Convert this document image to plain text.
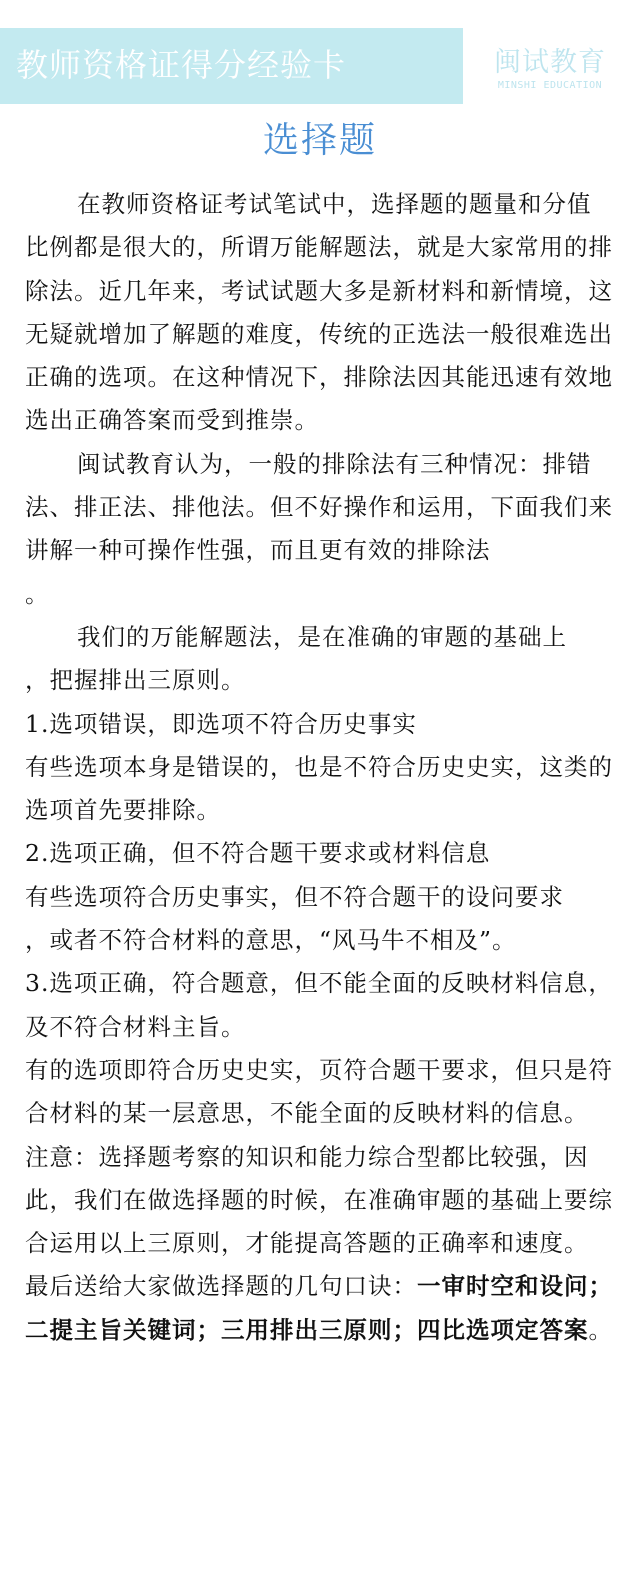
教师资格证得分经验卡	闽试教育
MINSHI EDUCATION
选择题

在教师资格证考试笔试中，选择题的题量和分值比例都是很大的，所谓万能解题法，就是大家常用的排除法。近几年来，考试试题大多是新材料和新情境，这无疑就增加了解题的难度，传统的正选法一般很难选出正确的选项。在这种情况下，排除法因其能迅速有效地选出正确答案而受到推崇。

闽试教育认为，一般的排除法有三种情况：排错法、排正法、排他法。但不好操作和运用，下面我们来讲解一种可操作性强，而且更有效的排除法

。

我们的万能解题法，是在准确的审题的基础上

，把握排出三原则。

1.选项错误，即选项不符合历史事实

有些选项本身是错误的，也是不符合历史史实，这类的选项首先要排除。

2.选项正确，但不符合题干要求或材料信息

有些选项符合历史事实，但不符合题干的设问要求

，或者不符合材料的意思，“风马牛不相及”。

3.选项正确，符合题意，但不能全面的反映材料信息，及不符合材料主旨。

有的选项即符合历史史实，页符合题干要求，但只是符合材料的某一层意思，不能全面的反映材料的信息。

注意：选择题考察的知识和能力综合型都比较强，因此，我们在做选择题的时候，在准确审题的基础上要综合运用以上三原则，才能提高答题的正确率和速度。

最后送给大家做选择题的几句口诀：一审时空和设问；二提主旨关键词；三用排出三原则；四比选项定答案。
